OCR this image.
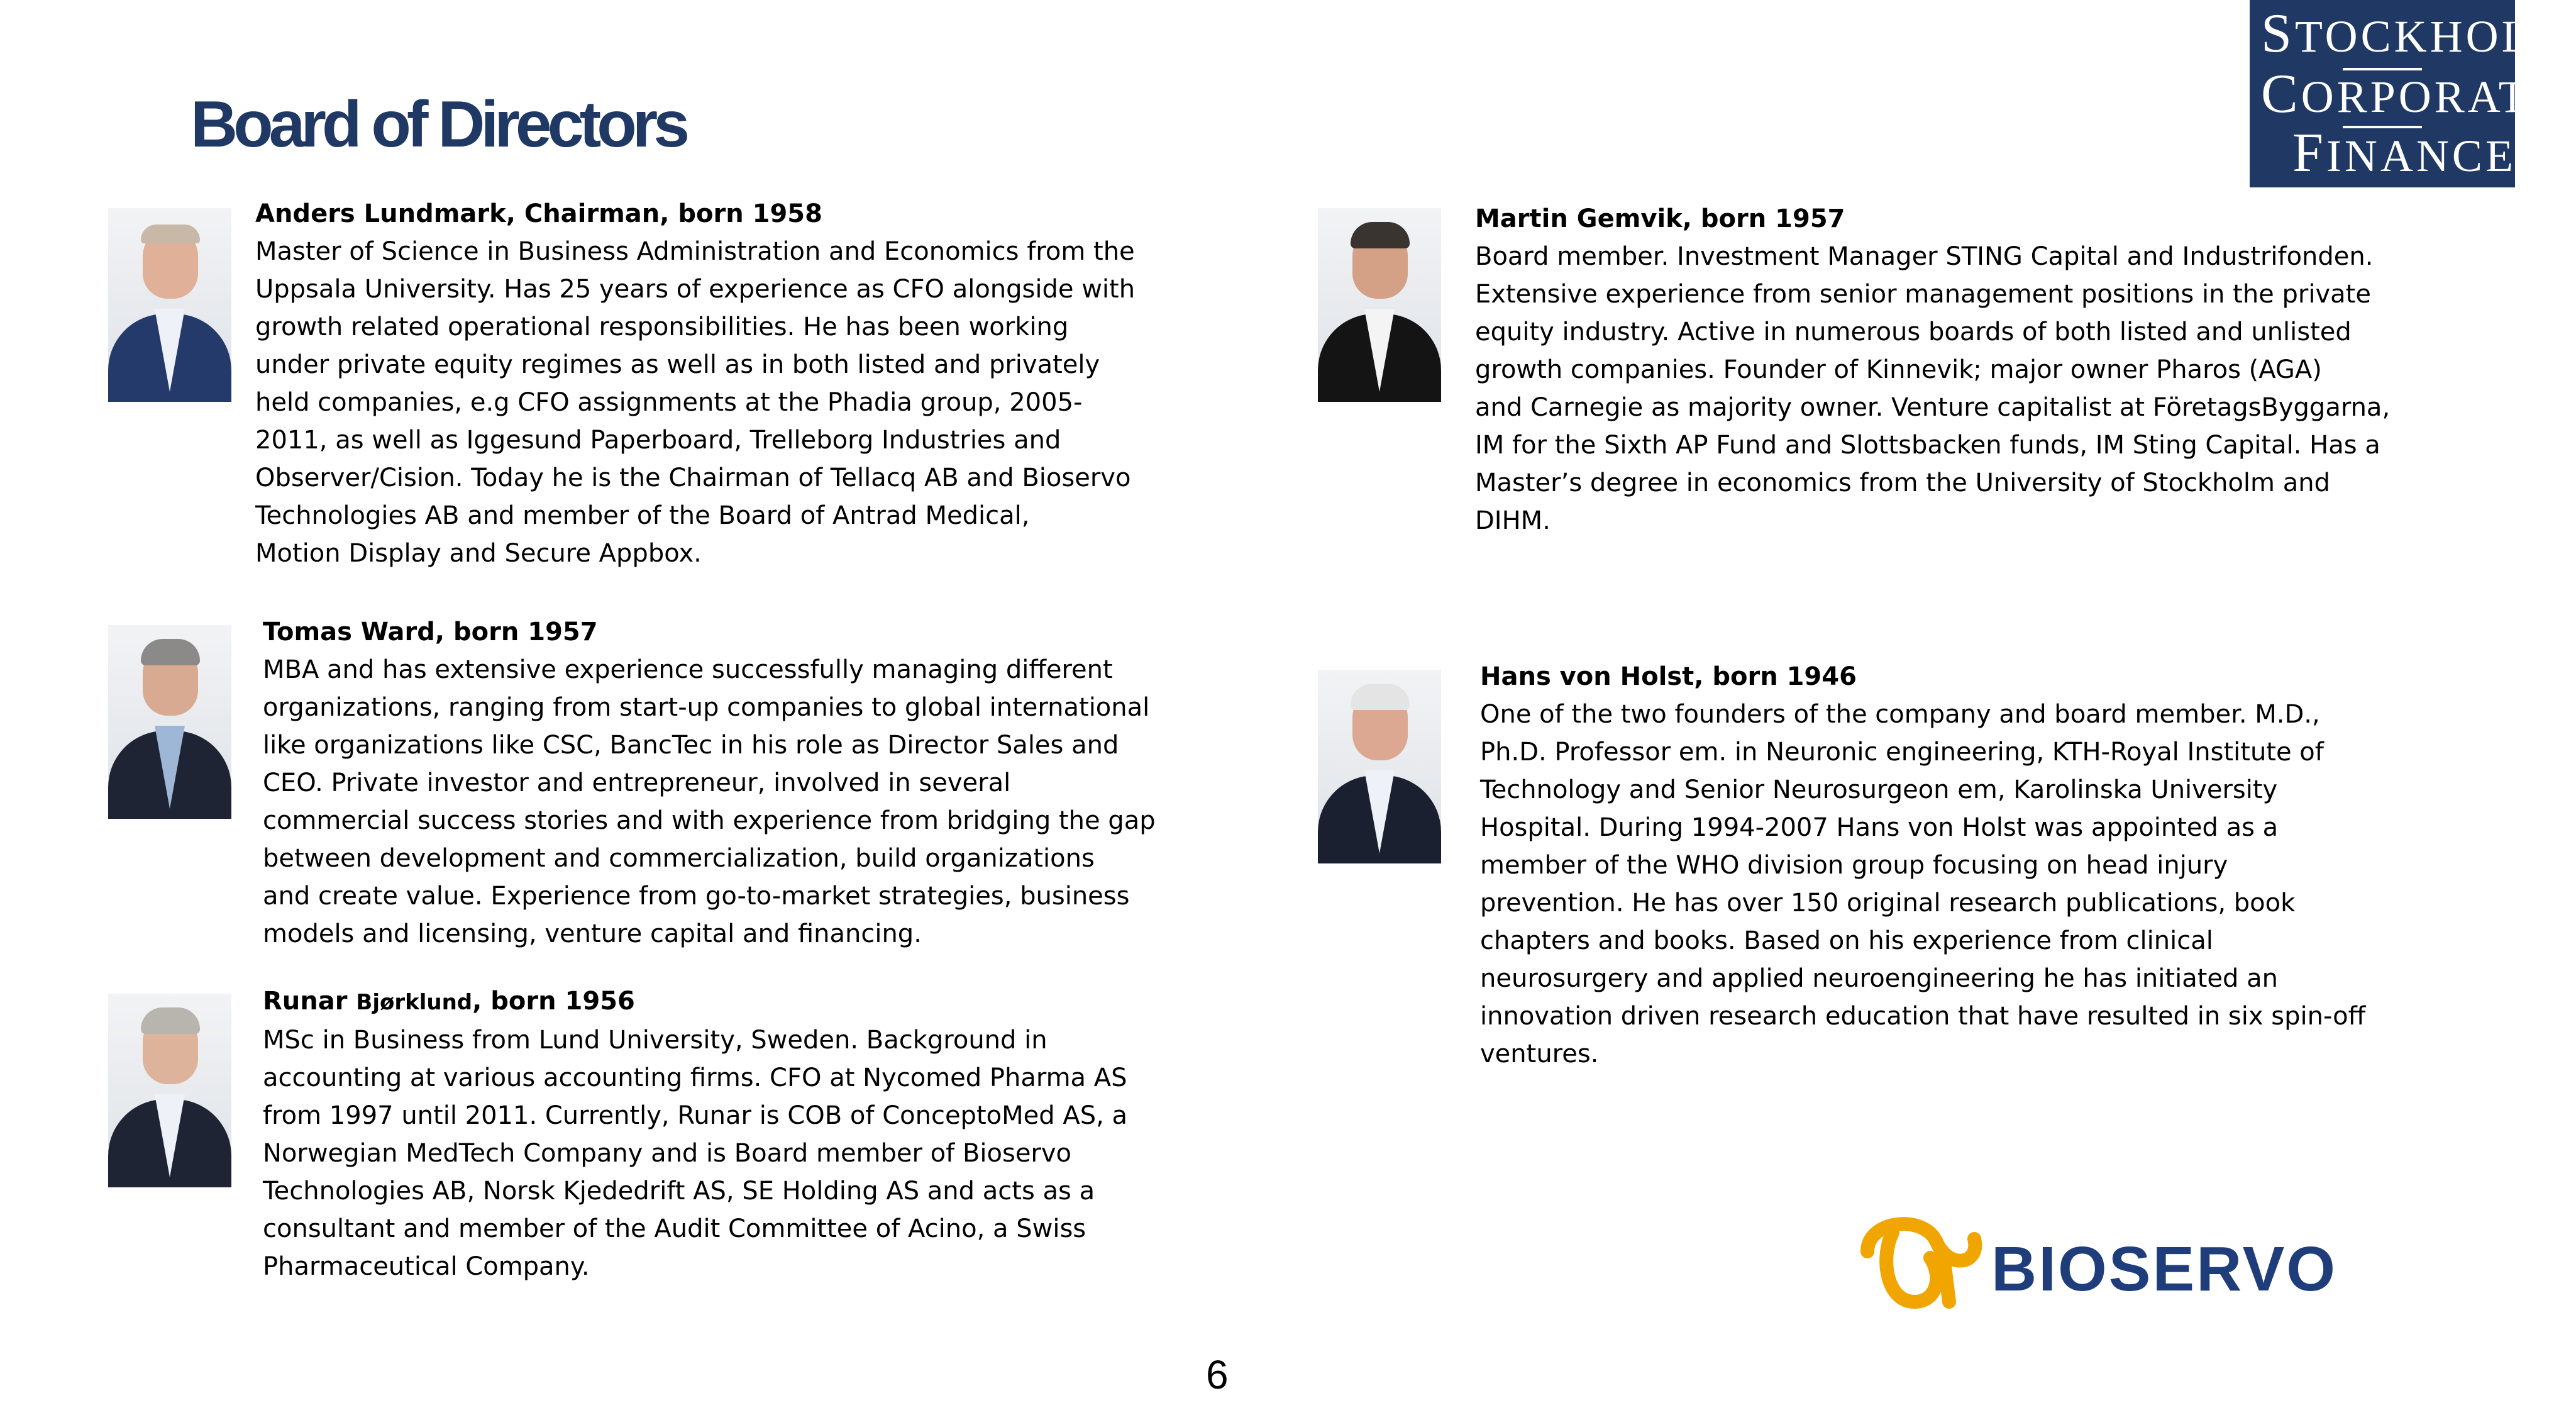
Board of Directors
STOCKHOLM
CORPORATE
FINANCE
Anders Lundmark, Chairman, born 1958
Master of Science in Business Administration and Economics from the
Uppsala University. Has 25 years of experience as CFO alongside with
growth related operational responsibilities. He has been working
under private equity regimes as well as in both listed and privately
held companies, e.g CFO assignments at the Phadia group, 2005-
2011, as well as Iggesund Paperboard, Trelleborg Industries and
Observer/Cision. Today he is the Chairman of Tellacq AB and Bioservo
Technologies AB and member of the Board of Antrad Medical,
Motion Display and Secure Appbox.
Tomas Ward, born 1957
MBA and has extensive experience successfully managing different
organizations, ranging from start-up companies to global international
like organizations like CSC, BancTec in his role as Director Sales and
CEO. Private investor and entrepreneur, involved in several
commercial success stories and with experience from bridging the gap
between development and commercialization, build organizations
and create value. Experience from go-to-market strategies, business
models and licensing, venture capital and financing.
Runar Bjørklund, born 1956
MSc in Business from Lund University, Sweden. Background in
accounting at various accounting firms. CFO at Nycomed Pharma AS
from 1997 until 2011. Currently, Runar is COB of ConceptoMed AS, a
Norwegian MedTech Company and is Board member of Bioservo
Technologies AB, Norsk Kjededrift AS, SE Holding AS and acts as a
consultant and member of the Audit Committee of Acino, a Swiss
Pharmaceutical Company.
Martin Gemvik, born 1957
Board member. Investment Manager STING Capital and Industrifonden.
Extensive experience from senior management positions in the private
equity industry. Active in numerous boards of both listed and unlisted
growth companies. Founder of Kinnevik; major owner Pharos (AGA)
and Carnegie as majority owner. Venture capitalist at FöretagsByggarna,
IM for the Sixth AP Fund and Slottsbacken funds, IM Sting Capital. Has a
Master’s degree in economics from the University of Stockholm and
DIHM.
Hans von Holst, born 1946
One of the two founders of the company and board member. M.D.,
Ph.D. Professor em. in Neuronic engineering, KTH-Royal Institute of
Technology and Senior Neurosurgeon em, Karolinska University
Hospital. During 1994-2007 Hans von Holst was appointed as a
member of the WHO division group focusing on head injury
prevention. He has over 150 original research publications, book
chapters and books. Based on his experience from clinical
neurosurgery and applied neuroengineering he has initiated an
innovation driven research education that have resulted in six spin-off
ventures.
BIOSERVO
6
